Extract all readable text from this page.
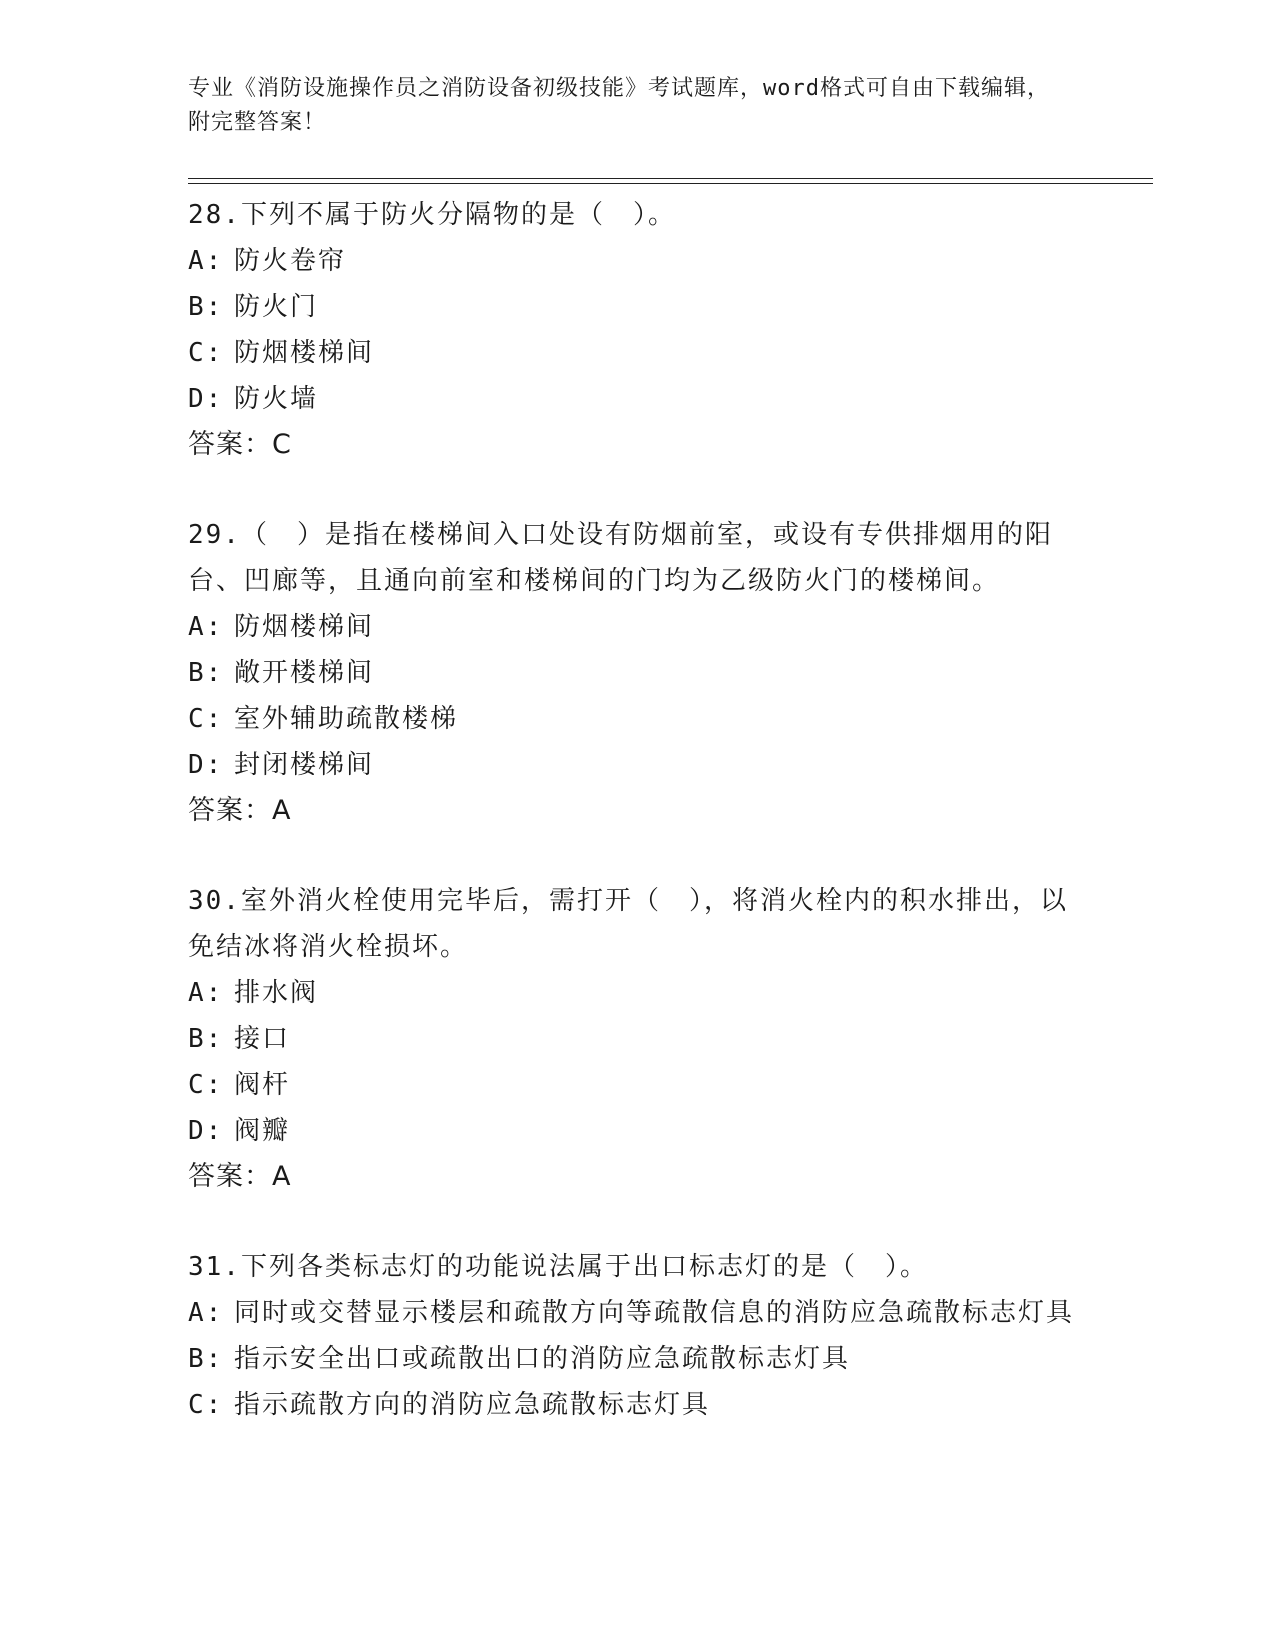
专业《消防设施操作员之消防设备初级技能》考试题库，word格式可自由下载编辑，附完整答案！
28.下列不属于防火分隔物的是（　）。
A: 防火卷帘
B: 防火门
C: 防烟楼梯间
D: 防火墙
答案：C
29.（　）是指在楼梯间入口处设有防烟前室，或设有专供排烟用的阳台、凹廊等，且通向前室和楼梯间的门均为乙级防火门的楼梯间。
A: 防烟楼梯间
B: 敞开楼梯间
C: 室外辅助疏散楼梯
D: 封闭楼梯间
答案：A
30.室外消火栓使用完毕后，需打开（　），将消火栓内的积水排出，以免结冰将消火栓损坏。
A: 排水阀
B: 接口
C: 阀杆
D: 阀瓣
答案：A
31.下列各类标志灯的功能说法属于出口标志灯的是（　）。
A: 同时或交替显示楼层和疏散方向等疏散信息的消防应急疏散标志灯具
B: 指示安全出口或疏散出口的消防应急疏散标志灯具
C: 指示疏散方向的消防应急疏散标志灯具
